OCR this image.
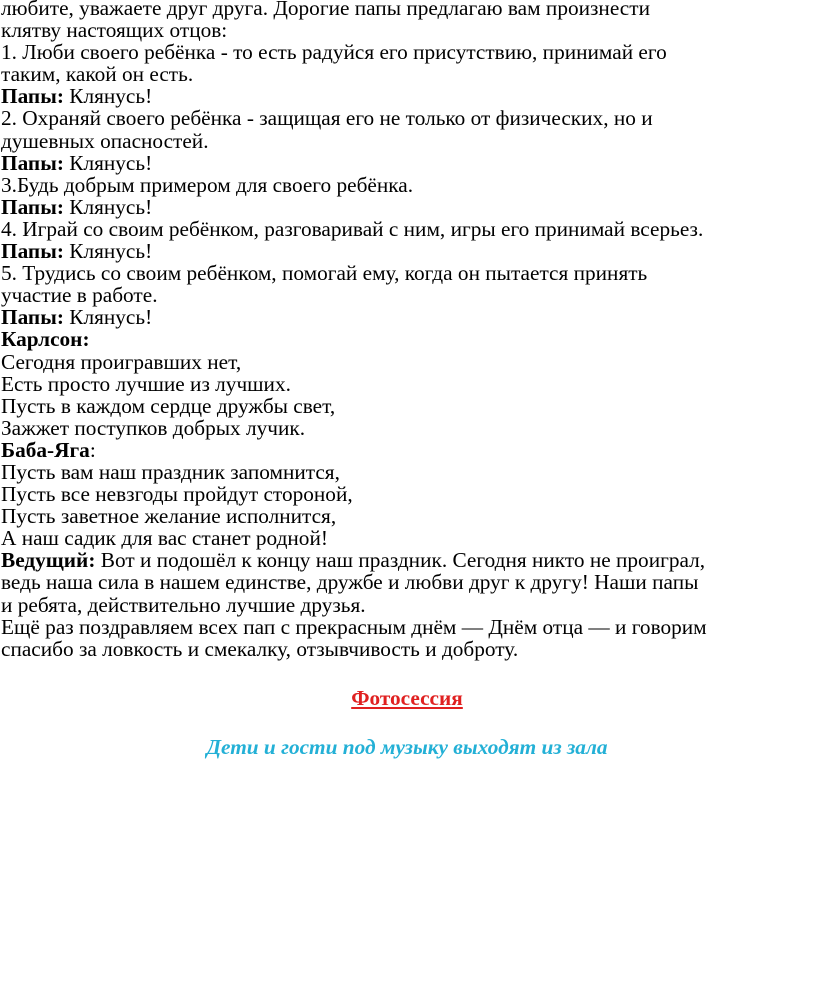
любите, уважаете друг друга. Дорогие папы предлагаю вам произнести
клятву настоящих отцов:
1. Люби своего ребёнка - то есть радуйся его присутствию, принимай его
таким, какой он есть.
Папы: Клянусь!
2. Охраняй своего ребёнка - защищая его не только от физических, но и
душевных опасностей.
Папы: Клянусь!
3.Будь добрым примером для своего ребёнка.
Папы: Клянусь!
4. Играй со своим ребёнком, разговаривай с ним, игры его принимай всерьез.
Папы: Клянусь!
5. Трудись со своим ребёнком, помогай ему, когда он пытается принять
участие в работе.
Папы: Клянусь!
Карлсон:
Сегодня проигравших нет,
Есть просто лучшие из лучших.
Пусть в каждом сердце дружбы свет,
Зажжет поступков добрых лучик.
Баба-Яга:
Пусть вам наш праздник запомнится,
Пусть все невзгоды пройдут стороной,
Пусть заветное желание исполнится,
А наш садик для вас станет родной!
Ведущий: Вот и подошёл к концу наш праздник. Сегодня никто не проиграл,
ведь наша сила в нашем единстве, дружбе и любви друг к другу! Наши папы
и ребята, действительно лучшие друзья.
Ещё раз поздравляем всех пап с прекрасным днём — Днём отца — и говорим
спасибо за ловкость и смекалку, отзывчивость и доброту.
Фотосессия
Дети и гости под музыку выходят из зала
